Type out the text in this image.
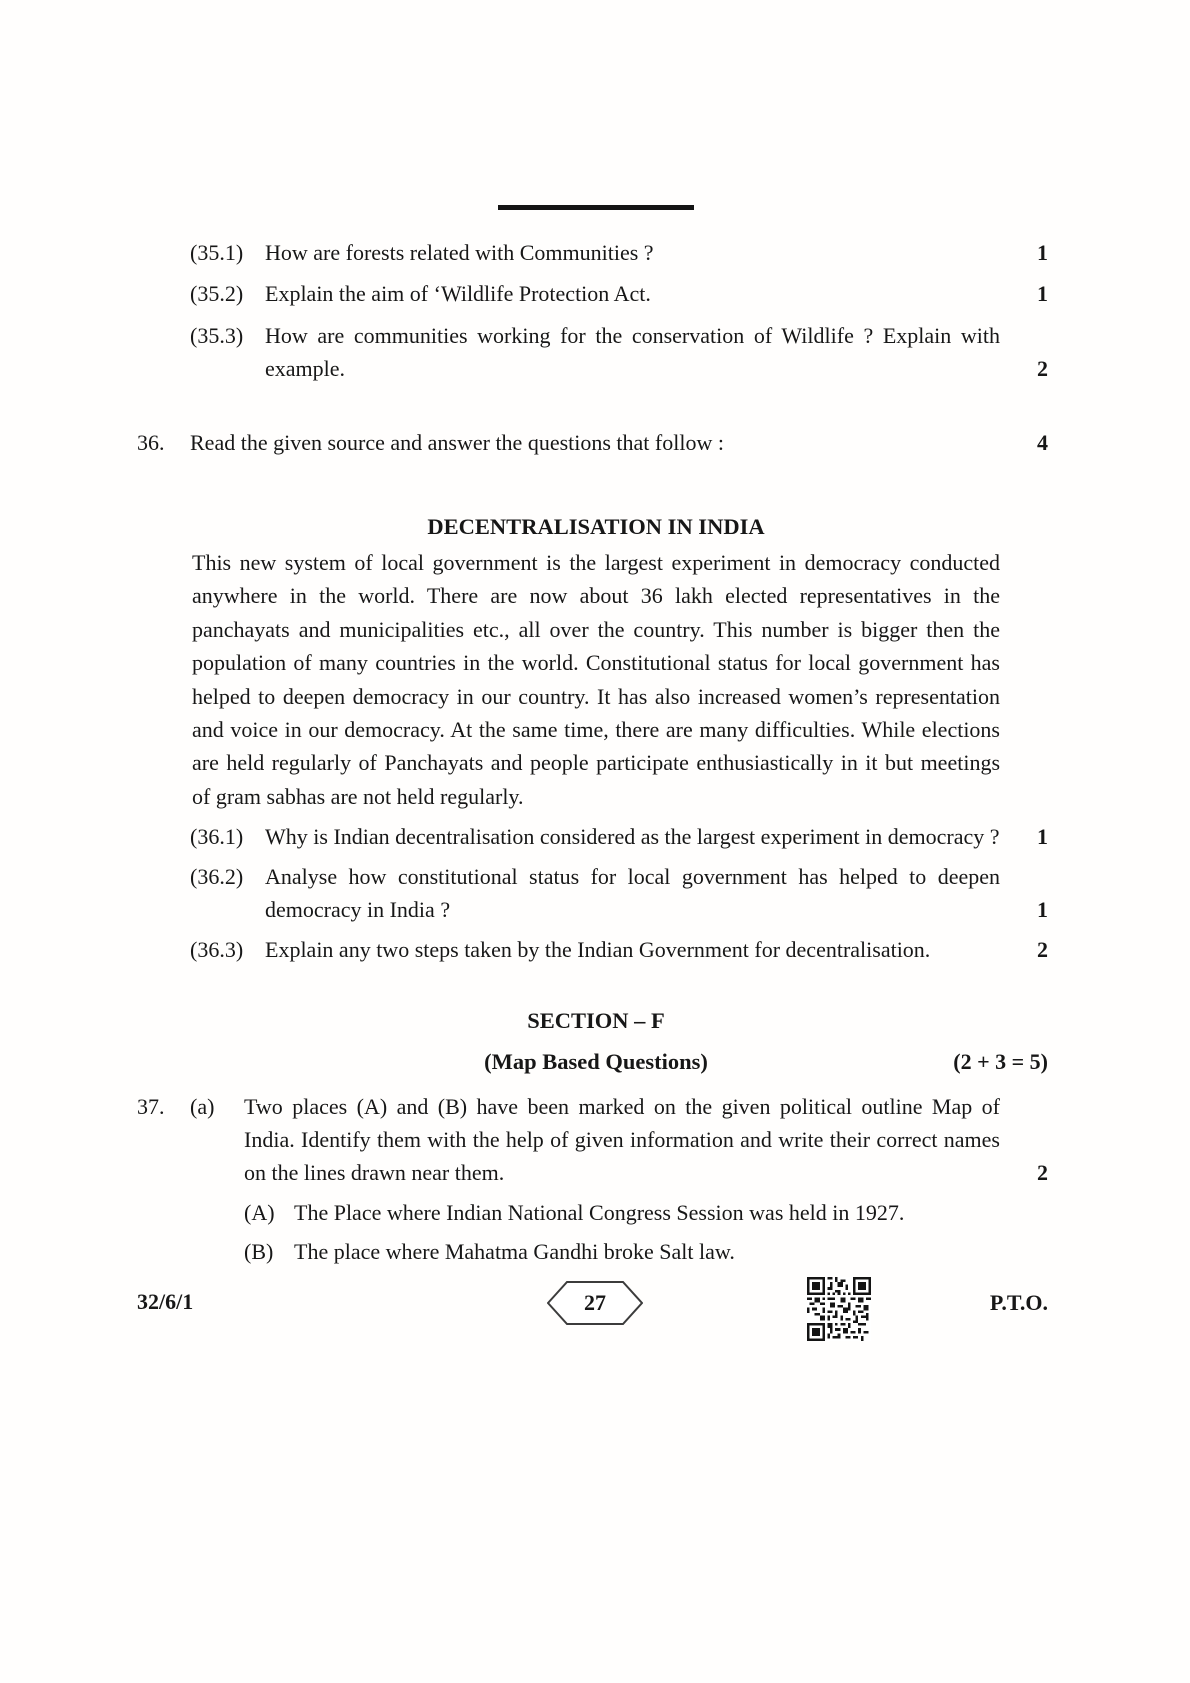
(35.1) How are forests related with Communities ?	1
(35.2) Explain the aim of ‘Wildlife Protection Act.	1
(35.3) How are communities working for the conservation of Wildlife ? Explain with example.	2
36.	Read the given source and answer the questions that follow :	4
DECENTRALISATION IN INDIA
This new system of local government is the largest experiment in democracy conducted anywhere in the world. There are now about 36 lakh elected representatives in the panchayats and municipalities etc., all over the country. This number is bigger then the population of many countries in the world. Constitutional status for local government has helped to deepen democracy in our country. It has also increased women’s representation and voice in our democracy. At the same time, there are many difficulties. While elections are held regularly of Panchayats and people participate enthusiastically in it but meetings of gram sabhas are not held regularly.
(36.1) Why is Indian decentralisation considered as the largest experiment in democracy ?	1
(36.2) Analyse how constitutional status for local government has helped to deepen democracy in India ?	1
(36.3) Explain any two steps taken by the Indian Government for decentralisation.	2
SECTION – F
(Map Based Questions)	(2 + 3 = 5)
37.	(a)	Two places (A) and (B) have been marked on the given political outline Map of India. Identify them with the help of given information and write their correct names on the lines drawn near them.	2
(A) The Place where Indian National Congress Session was held in 1927.
(B) The place where Mahatma Gandhi broke Salt law.
32/6/1	27	P.T.O.
